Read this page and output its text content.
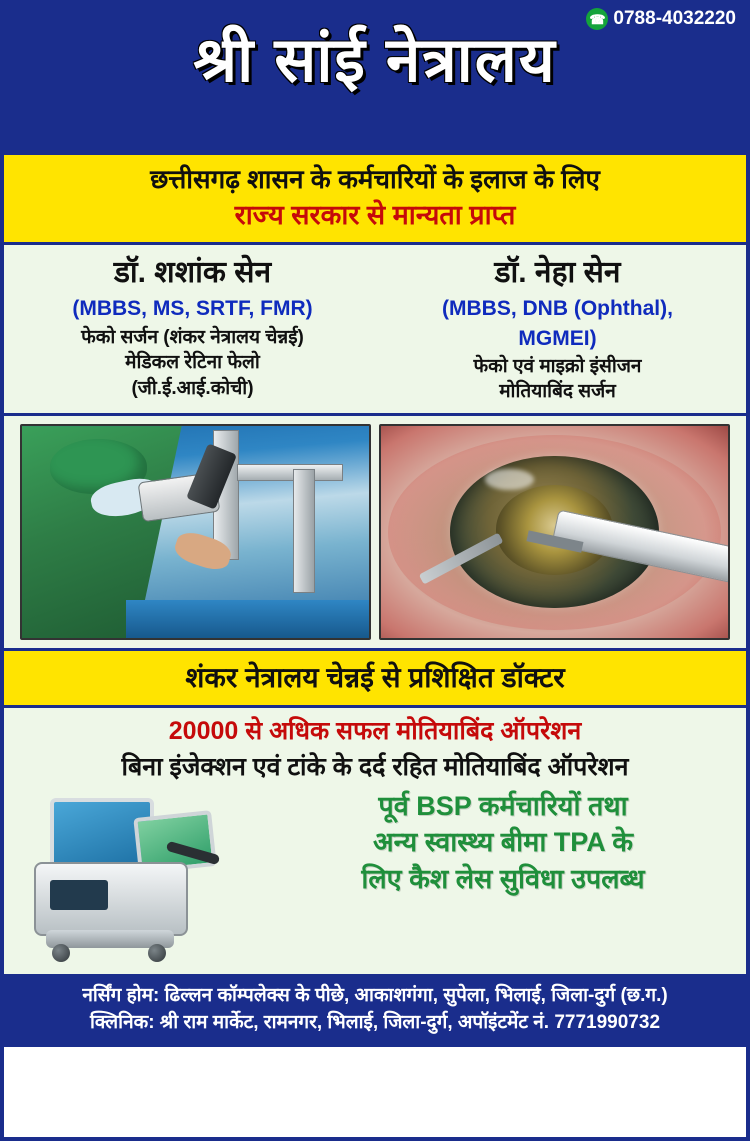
☎ 0788-4032220
श्री सांई नेत्रालय
छत्तीसगढ़ शासन के कर्मचारियों के इलाज के लिए
राज्य सरकार से मान्यता प्राप्त
डॉ. शशांक सेन
(MBBS, MS, SRTF, FMR)
फेको सर्जन (शंकर नेत्रालय चेन्नई)
मेडिकल रेटिना फेलो
(जी.ई.आई.कोची)
डॉ. नेहा सेन
(MBBS, DNB (Ophthal),
MGMEI)
फेको एवं माइक्रो इंसीजन
मोतियाबिंद सर्जन
शंकर नेत्रालय चेन्नई से प्रशिक्षित डॉक्टर
20000 से अधिक सफल मोतियाबिंद ऑपरेशन
बिना इंजेक्शन एवं टांके के दर्द रहित मोतियाबिंद ऑपरेशन
पूर्व BSP कर्मचारियों तथा
अन्य स्वास्थ्य बीमा TPA के
लिए कैश लेस सुविधा उपलब्ध
नर्सिंग होम: ढिल्लन कॉम्पलेक्स के पीछे, आकाशगंगा, सुपेला, भिलाई, जिला-दुर्ग (छ.ग.)
क्लिनिक: श्री राम मार्केट, रामनगर, भिलाई, जिला-दुर्ग, अपॉइंटमेंट नं. 7771990732
